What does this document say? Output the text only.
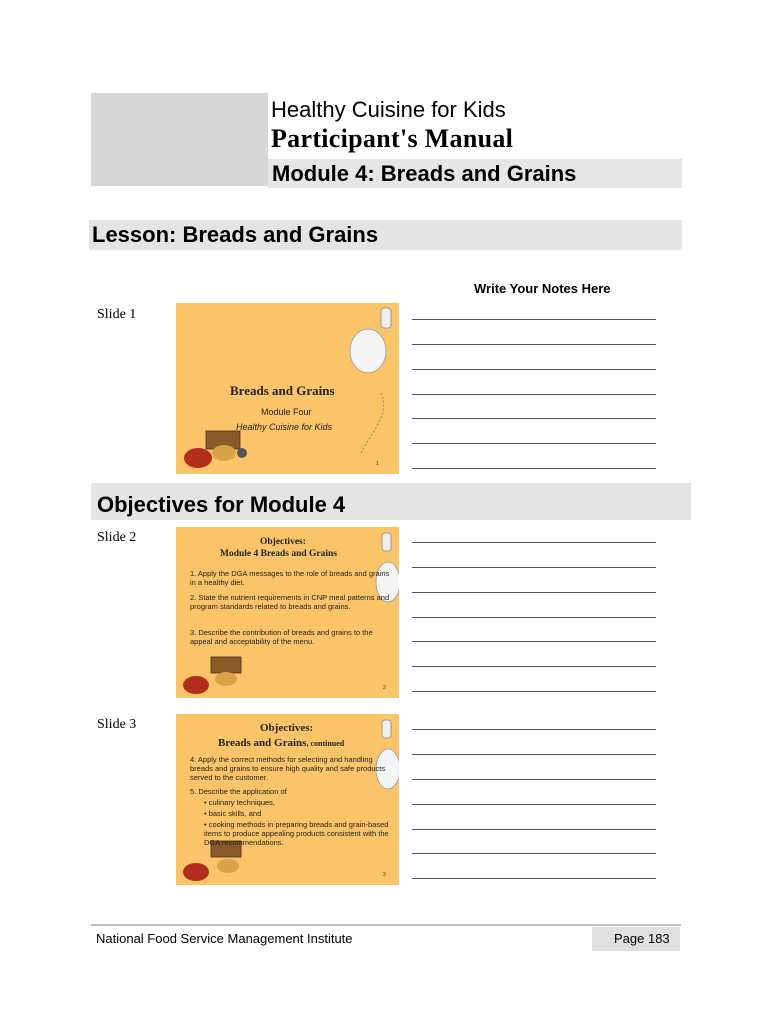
Healthy Cuisine for Kids
Participant's Manual
Module 4: Breads and Grains
Lesson: Breads and Grains
Write Your Notes Here
Slide 1
Breads and Grains
Module Four
Healthy Cuisine for Kids
1
Objectives for Module 4
Slide 2	Objectives:
Module 4 Breads and Grains
1. Apply the DGA messages to the role of breads and grains in a healthy diet.
2. State the nutrient requirements in CNP meal patterns and program standards related to breads and grains.
3. Describe the contribution of breads and grains to the appeal and acceptability of the menu.
2
Slide 3	Objectives:
Breads and Grains, continued
4. Apply the correct methods for selecting and handling breads and grains to ensure high quality and safe products served to the customer.
5. Describe the application of
• culinary techniques,
• basic skills, and
• cooking methods in preparing breads and grain-based items to produce appealing products consistent with the DGA recommendations.
3
National Food Service Management Institute	Page 183
